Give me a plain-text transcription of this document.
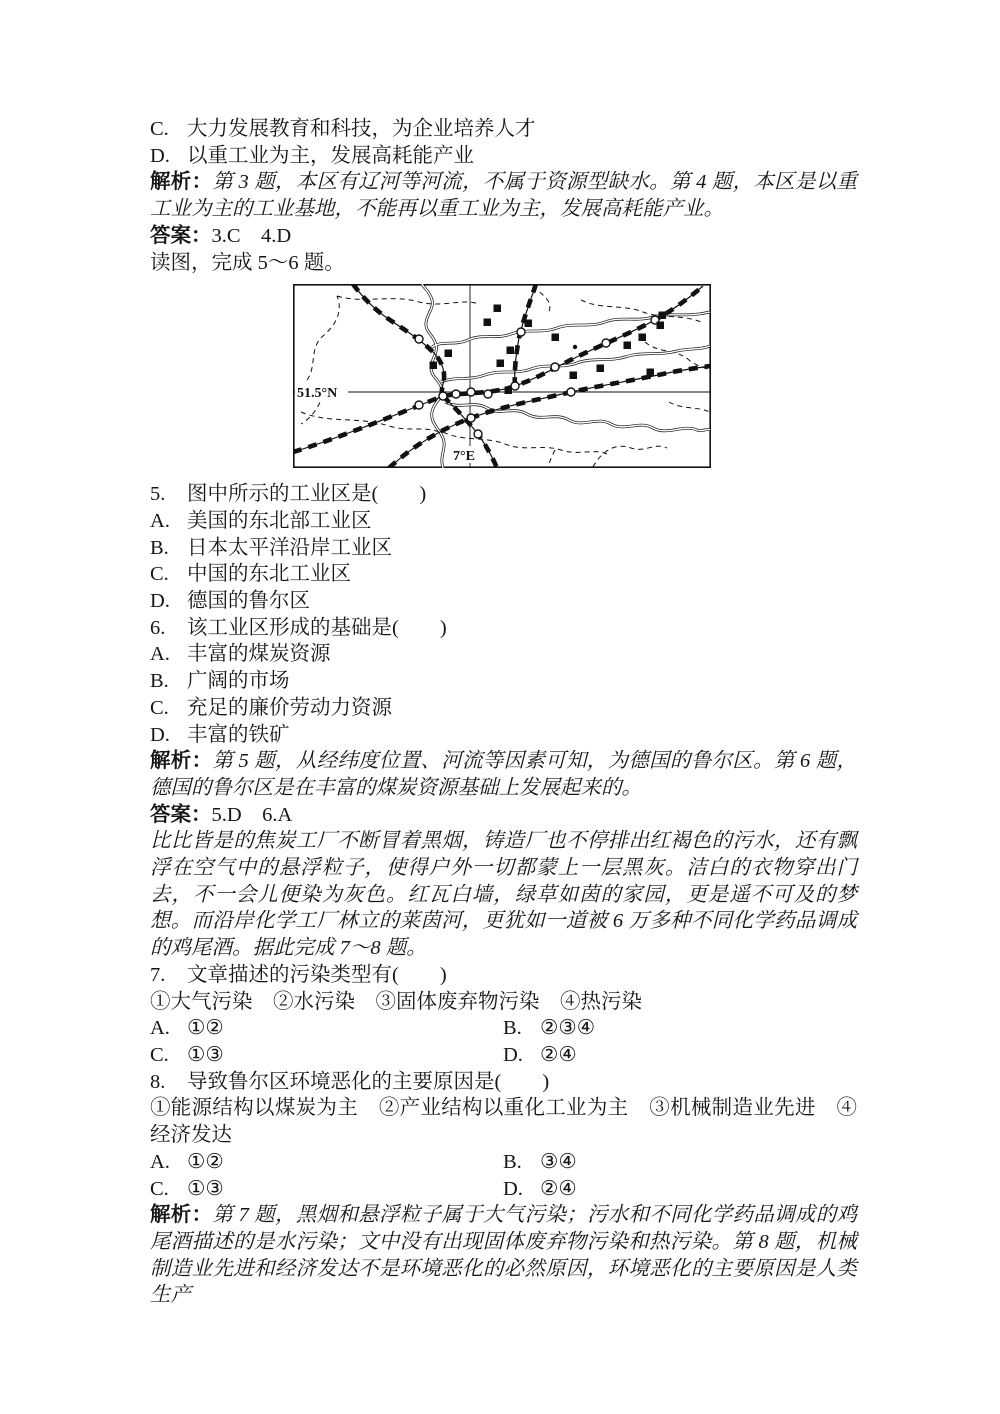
C. 大力发展教育和科技，为企业培养人才
D. 以重工业为主，发展高耗能产业

解析：第 3 题，本区有辽河等河流，不属于资源型缺水。第 4 题，本区是以重工业为主的工业基地，不能再以重工业为主，发展高耗能产业。

答案：3.C　4.D
读图，完成 5～6 题。
51.5°N
7°E
5. 图中所示的工业区是(　　)
A. 美国的东北部工业区
B. 日本太平洋沿岸工业区
C. 中国的东北工业区
D. 德国的鲁尔区
6. 该工业区形成的基础是(　　)
A. 丰富的煤炭资源
B. 广阔的市场
C. 充足的廉价劳动力资源
D. 丰富的铁矿

解析：第 5 题，从经纬度位置、河流等因素可知，为德国的鲁尔区。第 6 题，德国的鲁尔区是在丰富的煤炭资源基础上发展起来的。

答案：5.D　6.A

比比皆是的焦炭工厂不断冒着黑烟，铸造厂也不停排出红褐色的污水，还有飘浮在空气中的悬浮粒子，使得户外一切都蒙上一层黑灰。洁白的衣物穿出门去，不一会儿便染为灰色。红瓦白墙，绿草如茵的家园，更是遥不可及的梦想。而沿岸化学工厂林立的莱茵河，更犹如一道被 6 万多种不同化学药品调成的鸡尾酒。据此完成 7～8 题。

7. 文章描述的污染类型有(　　)
①大气污染　②水污染　③固体废弃物污染　④热污染
A. ①②	B. ②③④
C. ①③	D. ②④
8. 导致鲁尔区环境恶化的主要原因是(　　)

①能源结构以煤炭为主　②产业结构以重化工业为主　③机械制造业先进　④经济发达

A. ①②	B. ③④
C. ①③	D. ②④

解析：第 7 题，黑烟和悬浮粒子属于大气污染；污水和不同化学药品调成的鸡尾酒描述的是水污染；文中没有出现固体废弃物污染和热污染。第 8 题，机械制造业先进和经济发达不是环境恶化的必然原因，环境恶化的主要原因是人类生产
